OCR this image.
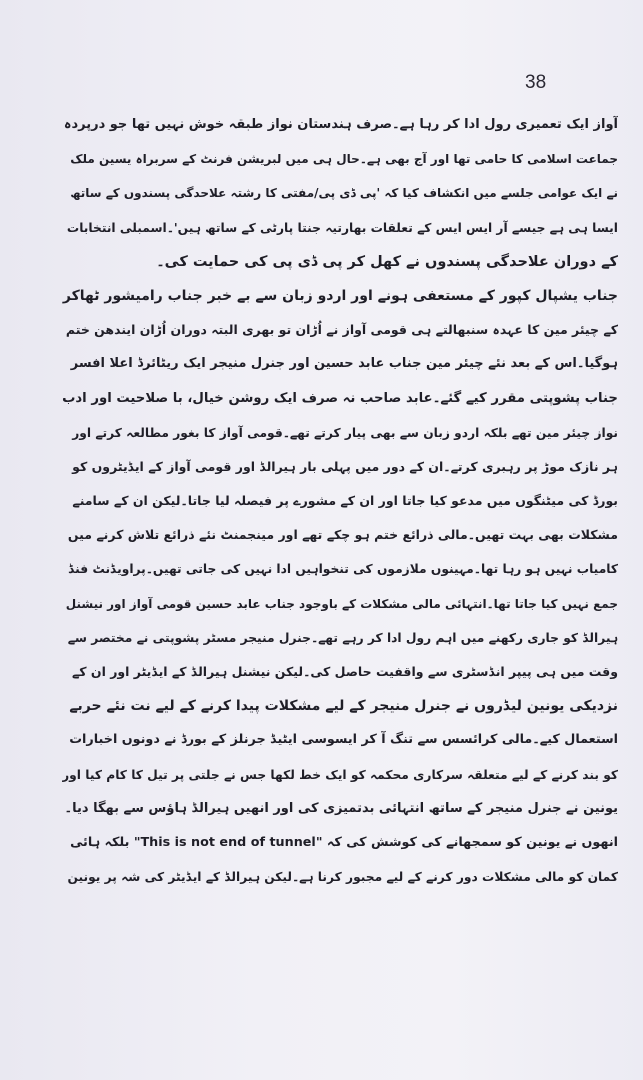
38
آواز ایک تعمیری رول ادا کر رہا ہے۔صرف ہندستان نواز طبقہ خوش نہیں تھا جو درپردہ
جماعت اسلامی کا حامی تھا اور آج بھی ہے۔حال ہی میں لبریشن فرنٹ کے سربراہ یسین ملک
نے ایک عوامی جلسے میں انکشاف کیا کہ 'پی ڈی پی/مفتی کا رشتہ علاحدگی پسندوں کے ساتھ
ایسا ہی ہے جیسے آر ایس ایس کے تعلقات بھارتیہ جنتا پارٹی کے ساتھ ہیں'۔اسمبلی انتخابات
کے دوران علاحدگی پسندوں نے کھل کر پی ڈی پی کی حمایت کی۔
جناب یشپال کپور کے مستعفی ہونے اور اردو زبان سے بے خبر جناب رامیشور ٹھاکر
کے چیئر مین کا عہدہ سنبھالتے ہی قومی آواز نے اُڑان تو بھری البتہ دوران اُڑان ایندھن ختم
ہوگیا۔اس کے بعد نئے چیئر مین جناب عابد حسین اور جنرل منیجر ایک ریٹائرڈ اعلا افسر
جناب پشوپتی مقرر کیے گئے۔عابد صاحب نہ صرف ایک روشن خیال، با صلاحیت اور ادب
نواز چیئر مین تھے بلکہ اردو زبان سے بھی پیار کرتے تھے۔قومی آواز کا بغور مطالعہ کرتے اور
ہر نازک موڑ پر رہبری کرتے۔ان کے دور میں پہلی بار ہیرالڈ اور قومی آواز کے ایڈیٹروں کو
بورڈ کی میٹنگوں میں مدعو کیا جاتا اور ان کے مشورے پر فیصلہ لیا جاتا۔لیکن ان کے سامنے
مشکلات بھی بہت تھیں۔مالی ذرائع ختم ہو چکے تھے اور مینجمنٹ نئے ذرائع تلاش کرنے میں
کامیاب نہیں ہو رہا تھا۔مہینوں ملازموں کی تنخواہیں ادا نہیں کی جاتی تھیں۔پراویڈنٹ فنڈ
جمع نہیں کیا جاتا تھا۔انتہائی مالی مشکلات کے باوجود جناب عابد حسین قومی آواز اور نیشنل
ہیرالڈ کو جاری رکھنے میں اہم رول ادا کر رہے تھے۔جنرل منیجر مسٹر پشوپتی نے مختصر سے
وقت میں ہی پیپر انڈسٹری سے واقفیت حاصل کی۔لیکن نیشنل ہیرالڈ کے ایڈیٹر اور ان کے
نزدیکی یونین لیڈروں نے جنرل منیجر کے لیے مشکلات پیدا کرنے کے لیے نت نئے حربے
استعمال کیے۔مالی کرائسس سے تنگ آ کر ایسوسی ایٹیڈ جرنلز کے بورڈ نے دونوں اخبارات
کو بند کرنے کے لیے متعلقہ سرکاری محکمہ کو ایک خط لکھا جس نے جلتی پر تیل کا کام کیا اور
یونین نے جنرل منیجر کے ساتھ انتہائی بدتمیزی کی اور انھیں ہیرالڈ ہاؤس سے بھگا دیا۔
انھوں نے یونین کو سمجھانے کی کوشش کی کہ "This is not end of tunnel" بلکہ ہائی
کمان کو مالی مشکلات دور کرنے کے لیے مجبور کرنا ہے۔لیکن ہیرالڈ کے ایڈیٹر کی شہ پر یونین
